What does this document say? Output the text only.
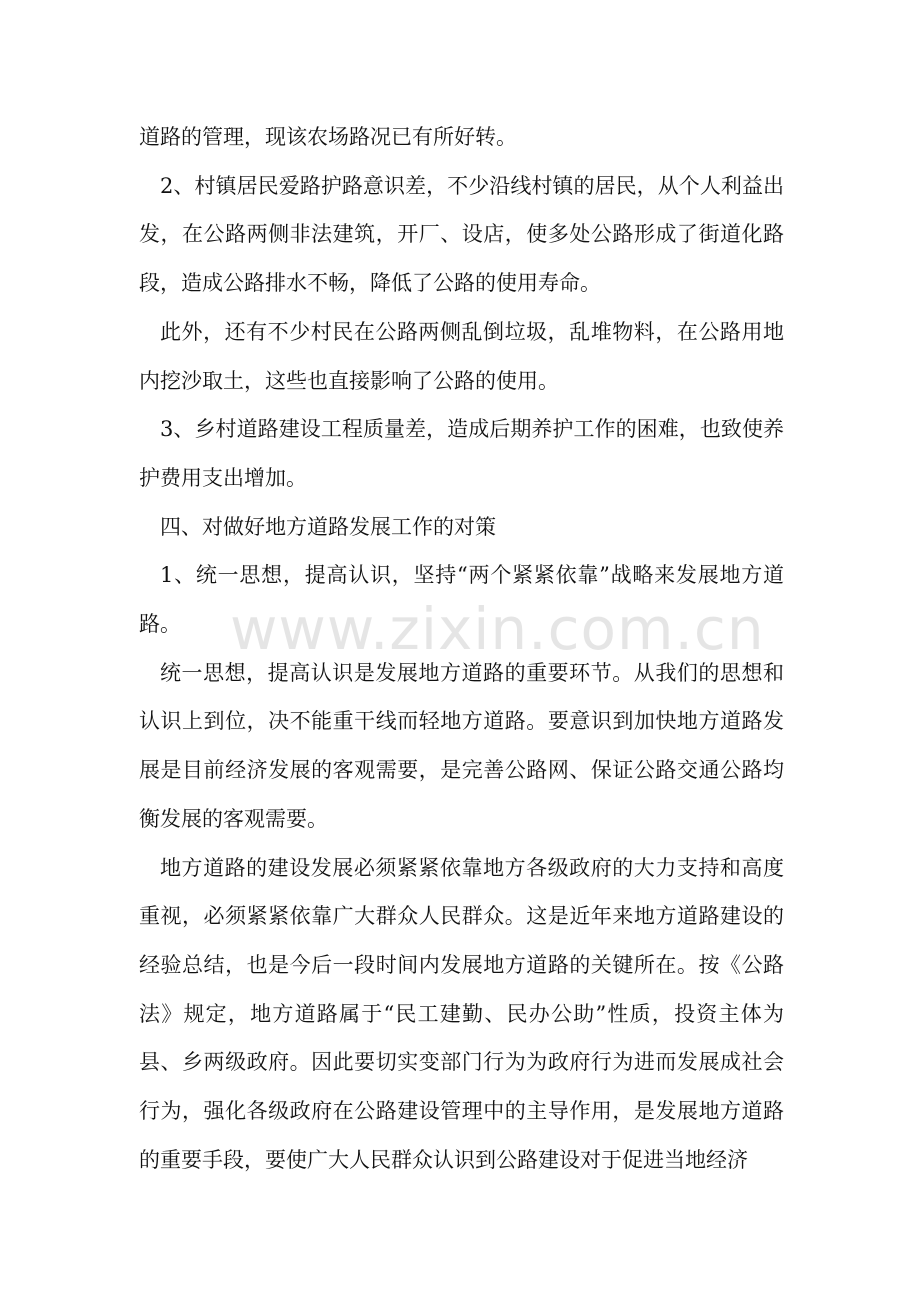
道路的管理，现该农场路况已有所好转。

2、村镇居民爱路护路意识差，不少沿线村镇的居民，从个人利益出发，在公路两侧非法建筑，开厂、设店，使多处公路形成了街道化路段，造成公路排水不畅，降低了公路的使用寿命。

此外，还有不少村民在公路两侧乱倒垃圾，乱堆物料，在公路用地内挖沙取土，这些也直接影响了公路的使用。

3、乡村道路建设工程质量差，造成后期养护工作的困难，也致使养护费用支出增加。

四、对做好地方道路发展工作的对策

1、统一思想，提高认识，坚持“两个紧紧依靠”战略来发展地方道路。

统一思想，提高认识是发展地方道路的重要环节。从我们的思想和认识上到位，决不能重干线而轻地方道路。要意识到加快地方道路发展是目前经济发展的客观需要，是完善公路网、保证公路交通公路均衡发展的客观需要。

地方道路的建设发展必须紧紧依靠地方各级政府的大力支持和高度重视，必须紧紧依靠广大群众人民群众。这是近年来地方道路建设的经验总结，也是今后一段时间内发展地方道路的关键所在。按《公路法》规定，地方道路属于“民工建勤、民办公助”性质，投资主体为县、乡两级政府。因此要切实变部门行为为政府行为进而发展成社会行为，强化各级政府在公路建设管理中的主导作用，是发展地方道路的重要手段，要使广大人民群众认识到公路建设对于促进当地经济

www.zixin.com.cn
